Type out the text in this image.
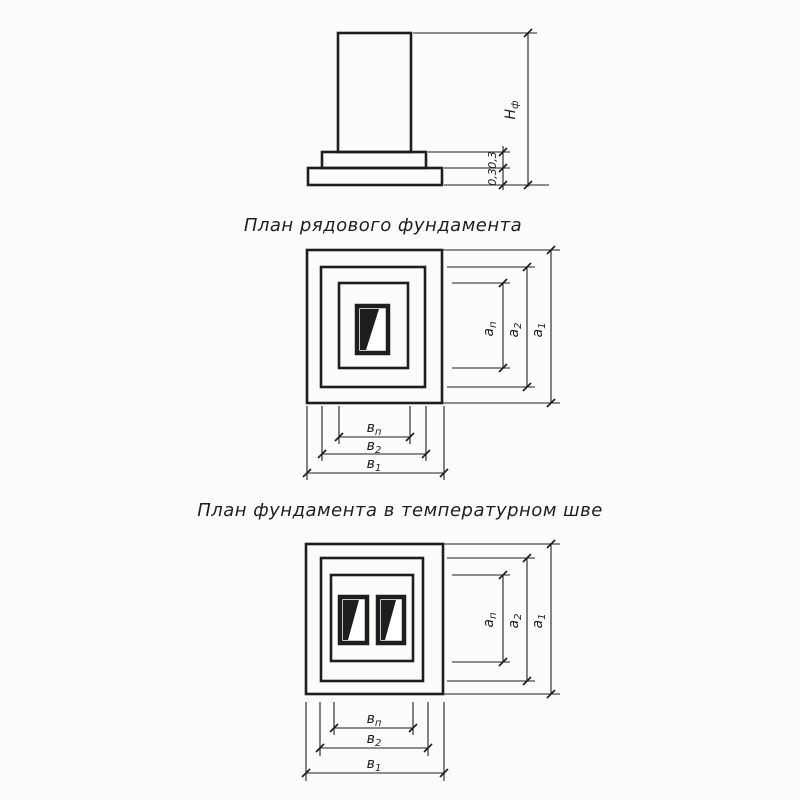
$Н_ф$
0,3
0,3
План рядового фундамента
$а_п$
$а_2$
$а_1$
$в_п$
$в_2$
$в_1$
План фундамента в температурном шве
$а_п$
$а_2$
$а_1$
$в_п$
$в_2$
$в_1$
